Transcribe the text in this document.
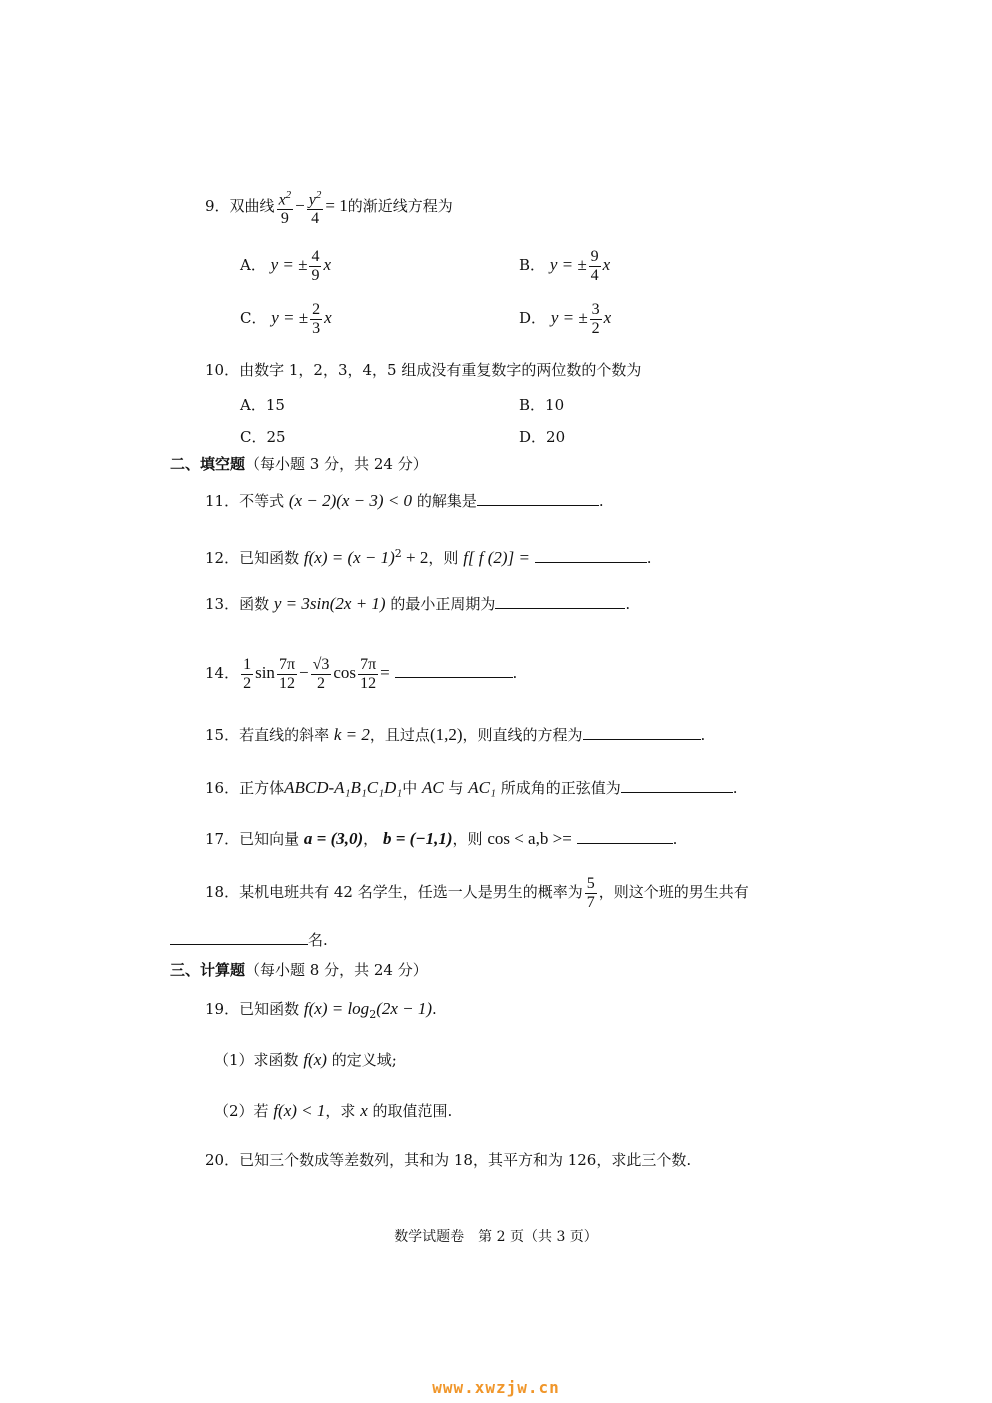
9．双曲线 $\frac{x^2}{9} - \frac{y^2}{4} = 1$的渐近线方程为
A． y = ± $\frac{4}{9}$ x	B． y = ± $\frac{9}{4}$ x
C． y = ± $\frac{2}{3}$ x	D． y = ± $\frac{3}{2}$ x
10．由数字 1，2，3，4，5 组成没有重复数字的两位数的个数为
A．15	B．10
C．25	D．20
二、填空题（每小题 3 分，共 24 分）
11．不等式 (x − 2)(x − 3) < 0 的解集是	.
12．已知函数 $f(x) = (x - 1)^2 + 2$，则 f[ f (2)] =	.
13．函数 y = 3sin(2x + 1) 的最小正周期为	.
14． $\frac{1}{2}$ $\sin \frac{7\pi}{12} - \frac{√3}{2}$ $\cos \frac{7\pi}{12}$ =	.
15．若直线的斜率 k = 2，且过点(1,2)，则直线的方程为	.
16．正方体ABCD-A₁B₁C₁D₁中 AC 与 AC₁ 所成角的正弦值为	.
17．已知向量 a = (3,0)， b = (−1,1)，则 cos < a,b >=	.
18．某机电班共有 42 名学生，任选一人是男生的概率为 $\frac{5}{7}$ ，则这个班的男生共有
名.
三、计算题（每小题 8 分，共 24 分）
19．已知函数 $f(x) = \log_2(2x - 1)$.
（1）求函数 f(x) 的定义域;
（2）若 f(x) < 1，求 x 的取值范围.
20．已知三个数成等差数列，其和为 18，其平方和为 126，求此三个数.
数学试题卷　第 2 页（共 3 页）
www.xwzjw.cn
